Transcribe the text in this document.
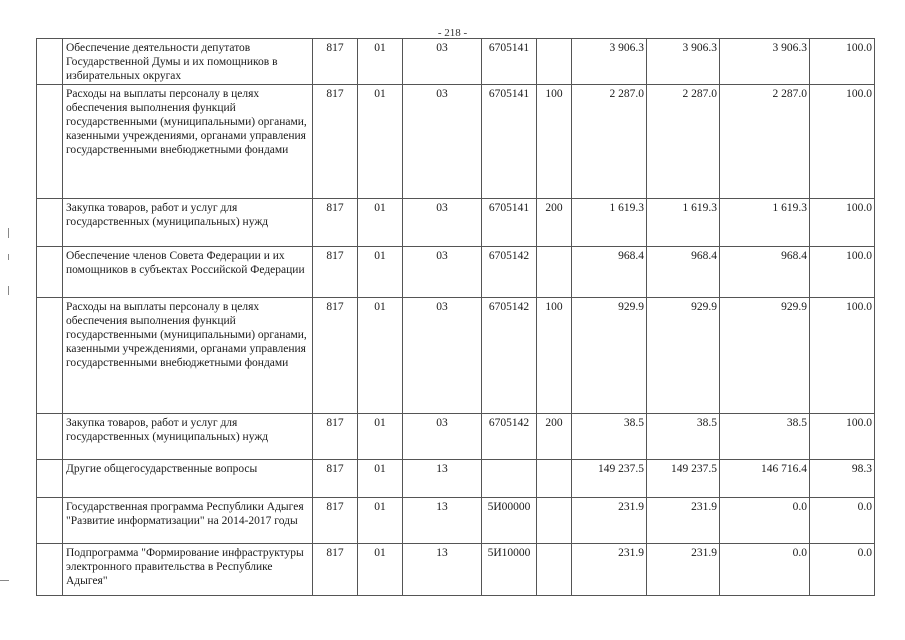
- 218 -
	Обеспечение деятельности депутатов Государственной Думы и их помощников в избирательных округах	817	01	03	6705141		3 906.3	3 906.3	3 906.3	100.0
	Расходы на выплаты персоналу в целях обеспечения выполнения функций государственными (муниципальными) органами, казенными учреждениями, органами управления государственными внебюджетными фондами	817	01	03	6705141	100	2 287.0	2 287.0	2 287.0	100.0
	Закупка товаров, работ и услуг для государственных (муниципальных) нужд	817	01	03	6705141	200	1 619.3	1 619.3	1 619.3	100.0
	Обеспечение членов Совета Федерации и их помощников в субъектах Российской Федерации	817	01	03	6705142		968.4	968.4	968.4	100.0
	Расходы на выплаты персоналу в целях обеспечения выполнения функций государственными (муниципальными) органами, казенными учреждениями, органами управления государственными внебюджетными фондами	817	01	03	6705142	100	929.9	929.9	929.9	100.0
	Закупка товаров, работ и услуг для государственных (муниципальных) нужд	817	01	03	6705142	200	38.5	38.5	38.5	100.0
	Другие общегосударственные вопросы	817	01	13			149 237.5	149 237.5	146 716.4	98.3
	Государственная программа Республики Адыгея "Развитие информатизации" на 2014-2017 годы	817	01	13	5И00000		231.9	231.9	0.0	0.0
	Подпрограмма "Формирование инфраструктуры электронного правительства в Республике Адыгея"	817	01	13	5И10000		231.9	231.9	0.0	0.0
